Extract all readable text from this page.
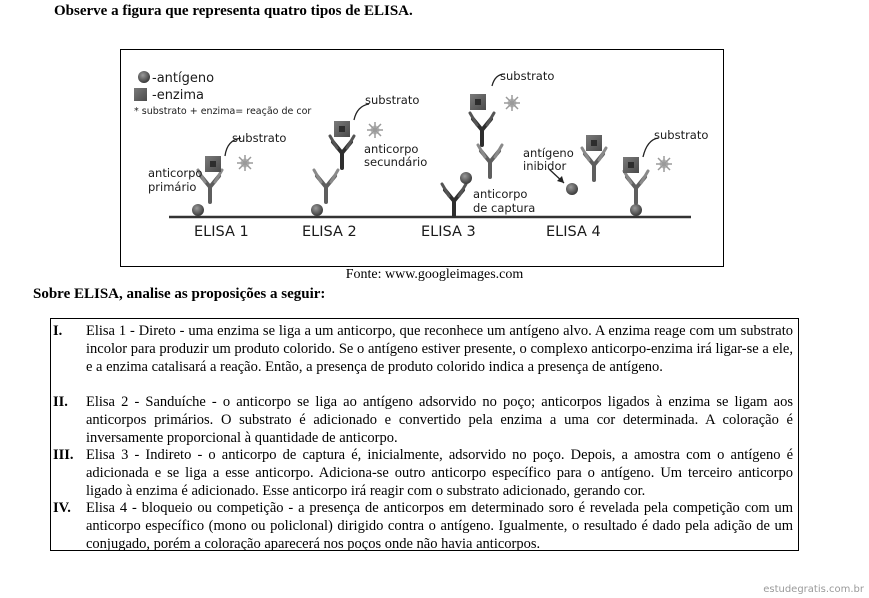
Observe a figura que representa quatro tipos de ELISA.
-antígeno
-enzima
* substrato + enzima= reação de cor
substrato
anticorpo
primário
substrato
anticorpo
secundário
substrato
anticorpo
de captura
antígeno
inibidor
substrato
ELISA 1	ELISA 2	ELISA 3	ELISA 4
Fonte: www.googleimages.com
Sobre ELISA, analise as proposições a seguir:
I. Elisa 1 - Direto - uma enzima se liga a um anticorpo, que reconhece um antígeno alvo. A enzima reage com um substrato incolor para produzir um produto colorido. Se o antígeno estiver presente, o complexo anticorpo-enzima irá ligar-se a ele, e a enzima catalisará a reação. Então, a presença de produto colorido indica a presença de antígeno.
II. Elisa 2 - Sanduíche - o anticorpo se liga ao antígeno adsorvido no poço; anticorpos ligados à enzima se ligam aos anticorpos primários. O substrato é adicionado e convertido pela enzima a uma cor determinada. A coloração é inversamente proporcional à quantidade de anticorpo.
III. Elisa 3 - Indireto - o anticorpo de captura é, inicialmente, adsorvido no poço. Depois, a amostra com o antígeno é adicionada e se liga a esse anticorpo. Adiciona-se outro anticorpo específico para o antígeno. Um terceiro anticorpo ligado à enzima é adicionado. Esse anticorpo irá reagir com o substrato adicionado, gerando cor.
IV. Elisa 4 - bloqueio ou competição - a presença de anticorpos em determinado soro é revelada pela competição com um anticorpo específico (mono ou policlonal) dirigido contra o antígeno. Igualmente, o resultado é dado pela adição de um conjugado, porém a coloração aparecerá nos poços onde não havia anticorpos.
estudegratis.com.br
